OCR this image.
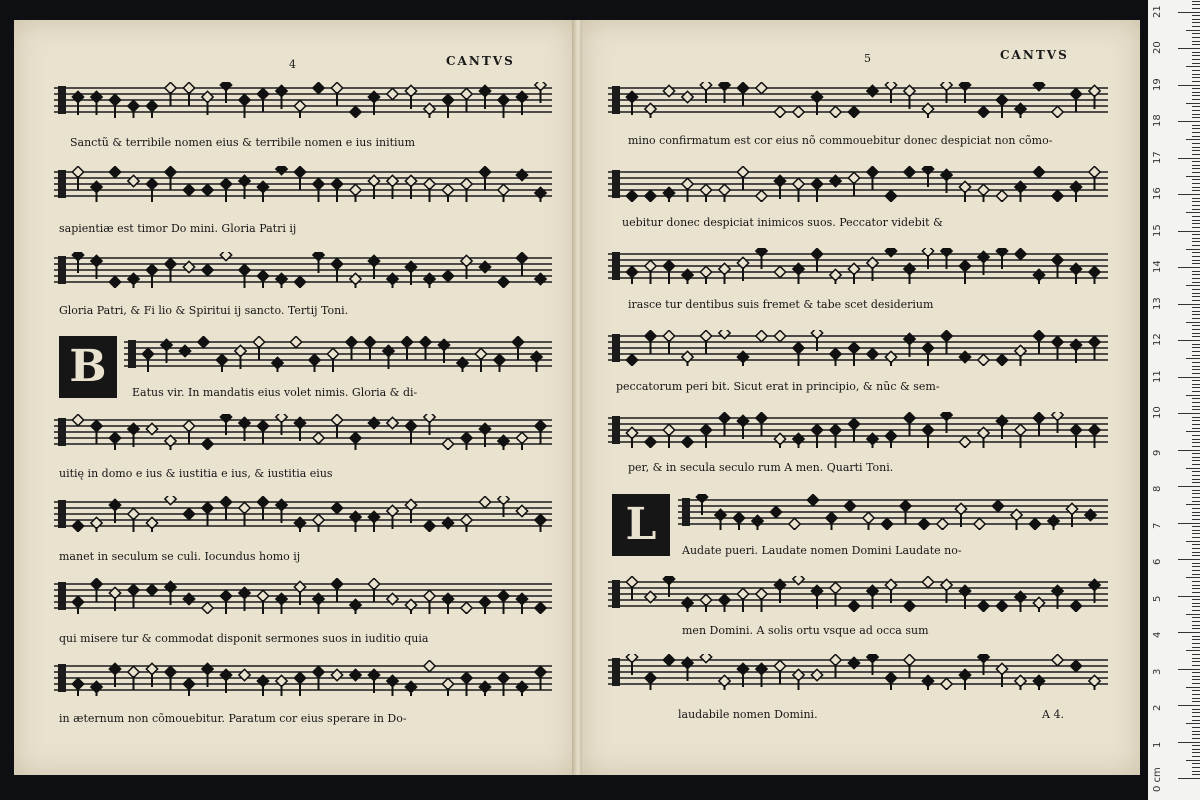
4	CANTVS
Sanctũ & terribile nomen eius & terribile nomen e ius initium
sapientiæ est timor Do mini. Gloria Patri ij
Gloria Patri, & Fi lio & Spiritui ij sancto. Tertij Toni.
B
Eatus vir. In mandatis eius volet nimis. Gloria & di-
uitię in domo e ius & iustitia e ius, & iustitia eius
manet in seculum se culi. Iocundus homo ij
qui misere tur & commodat disponit sermones suos in iuditio quia
in æternum non cõmouebitur. Paratum cor eius sperare in Do-
5	CANTVS
mino confirmatum est cor eius nõ commouebitur donec despiciat non cõmo-
uebitur donec despiciat inimicos suos. Peccator videbit &
irasce tur dentibus suis fremet & tabe scet desiderium
peccatorum peri bit. Sicut erat in principio, & nũc & sem-
per, & in secula seculo rum A men. Quarti Toni.
L
Audate pueri. Laudate nomen Domini Laudate no-
men Domini. A solis ortu vsque ad occa sum
laudabile nomen Domini.	A 4.
0 cm
1
2
3
4
5
6
7
8
9
10
11
12
13
14
15
16
17
18
19
20
21
